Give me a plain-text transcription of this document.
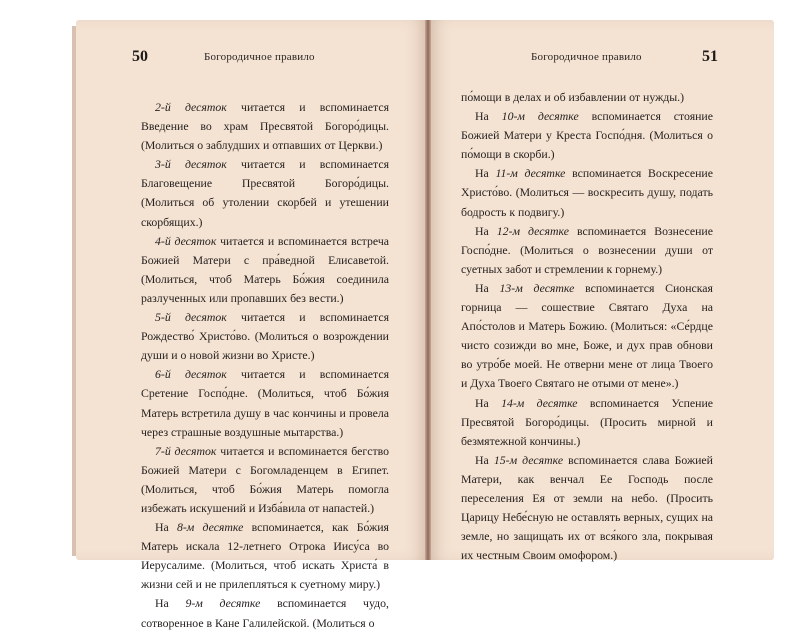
50	Богородичное правило

2-й десяток читается и вспоминается Введение во храм Пресвятой Богоро́дицы. (Молиться о заблудших и отпавших от Церкви.)

3-й десяток читается и вспоминается Благовещение Пресвятой Богоро́дицы. (Молиться об утолении скорбей и утешении скорбящих.)

4-й десяток читается и вспоминается встреча Божией Матери с пра́ведной Елисаветой. (Молиться, чтоб Матерь Бо́жия соединила разлученных или пропавших без вести.)

5-й десяток читается и вспоминается Рождество́ Христо́во. (Молиться о возрождении души и о новой жизни во Христе.)

6-й десяток читается и вспоминается Сретение Госпо́дне. (Молиться, чтоб Бо́жия Матерь встретила душу в час кончины и провела через страшные воздушные мытарства.)

7-й десяток читается и вспоминается бегство Божией Матери с Богомладенцем в Египет. (Молиться, чтоб Бо́жия Матерь помогла избежать искушений и Изба́вила от напастей.)

На 8-м десятке вспоминается, как Бо́жия Матерь искала 12-летнего Отрока Иису́са во Иерусалиме. (Молиться, чтоб искать Христа́ в жизни сей и не прилепляться к суетному миру.)

На 9-м десятке вспоминается чудо, сотворенное в Кане Галилейской. (Молиться о

Богородичное правило	51

по́мощи в делах и об избавлении от нужды.)

На 10-м десятке вспоминается стояние Божией Матери у Креста Госпо́дня. (Молиться о по́мощи в скорби.)

На 11-м десятке вспоминается Воскресение Христо́во. (Молиться — воскресить душу, подать бодрость к подвигу.)

На 12-м десятке вспоминается Вознесение Госпо́дне. (Молиться о вознесении души от суетных забот и стремлении к горнему.)

На 13-м десятке вспоминается Сионская горница — сошествие Святаго Духа на Апо́столов и Матерь Божию. (Молиться: «Се́рдце чисто созижди во мне, Боже, и дух прав обнови во утро́бе моей. Не отверни мене от лица Твоего и Духа Твоего Святаго не отыми от мене».)

На 14-м десятке вспоминается Успение Пресвятой Богоро́дицы. (Просить мирной и безмятежной кончины.)

На 15-м десятке вспоминается слава Божией Матери, как венчал Ее Господь после переселения Ея от земли на небо. (Просить Царицу Небе́сную не оставлять верных, сущих на земле, но защищать их от вся́кого зла, покрывая их честным Своим омофором.)
